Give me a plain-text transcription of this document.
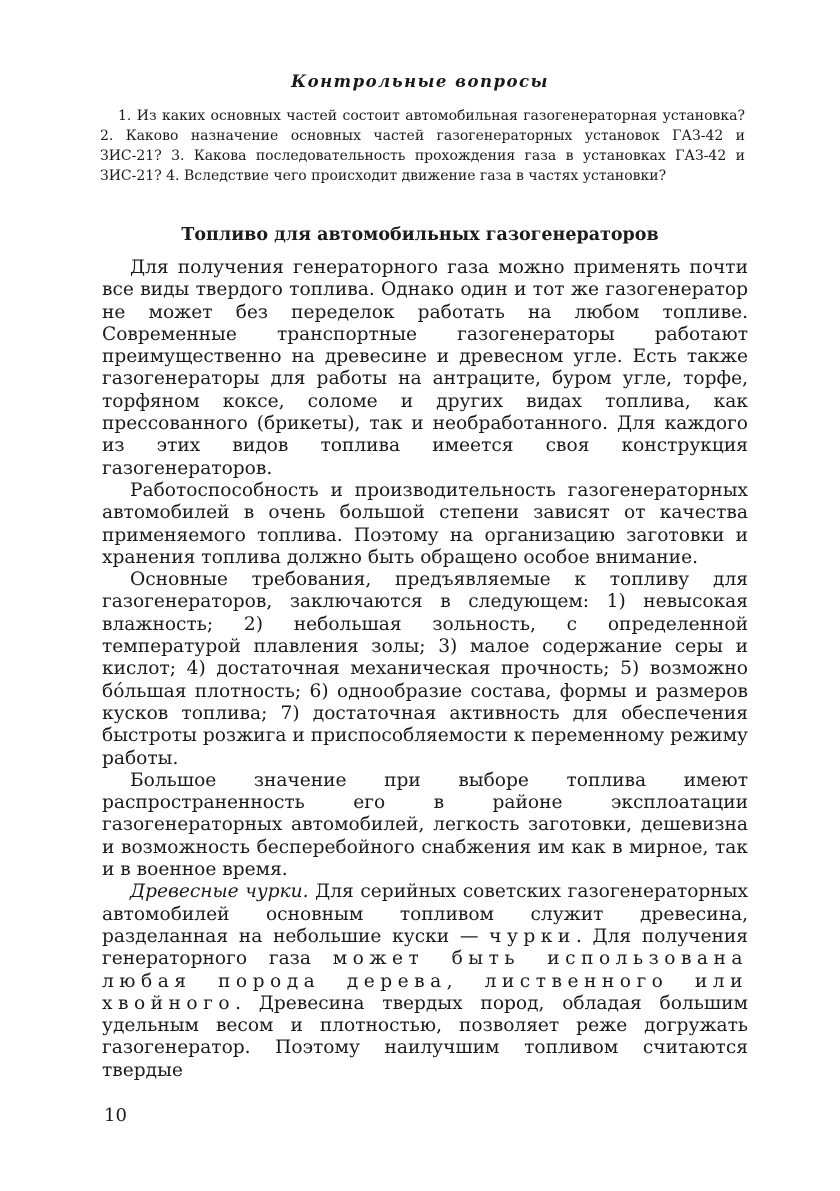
Контрольные вопросы
1. Из каких основных частей состоит автомобильная газогенераторная установка? 2. Каково назначение основных частей газогенераторных установок ГАЗ-42 и ЗИС-21? 3. Какова последовательность прохождения газа в установках ГАЗ-42 и ЗИС-21? 4. Вследствие чего происходит движение газа в частях установки?
Топливо для автомобильных газогенераторов

Для получения генераторного газа можно применять почти все виды твердого топлива. Однако один и тот же газогенератор не может без переделок работать на любом топливе. Современные транспортные газогенераторы работают преимущественно на древесине и древесном угле. Есть также газогенераторы для работы на антраците, буром угле, торфе, торфяном коксе, соломе и других видах топлива, как прессованного (брикеты), так и необработанного. Для каждого из этих видов топлива имеется своя конструкция газогенераторов.

Работоспособность и производительность газогенераторных автомобилей в очень большой степени зависят от качества применяемого топлива. Поэтому на организацию заготовки и хранения топлива должно быть обращено особое внимание.

Основные требования, предъявляемые к топливу для газогенераторов, заключаются в следующем: 1) невысокая влажность; 2) небольшая зольность, с определенной температурой плавления золы; 3) малое содержание серы и кислот; 4) достаточная механическая прочность; 5) возможно бо́льшая плотность; 6) однообразие состава, формы и размеров кусков топлива; 7) достаточная активность для обеспечения быстроты розжига и приспособляемости к переменному режиму работы.

Большое значение при выборе топлива имеют распространенность его в районе эксплоатации газогенераторных автомобилей, легкость заготовки, дешевизна и возможность бесперебойного снабжения им как в мирное, так и в военное время.

Древесные чурки. Для серийных советских газогенераторных автомобилей основным топливом служит древесина, разделанная на небольшие куски — чурки. Для получения генераторного газа может быть использована любая порода дерева, лиственного или хвойного. Древесина твердых пород, обладая большим удельным весом и плотностью, позволяет реже догружать газогенератор. Поэтому наилучшим топливом считаются твердые

10
